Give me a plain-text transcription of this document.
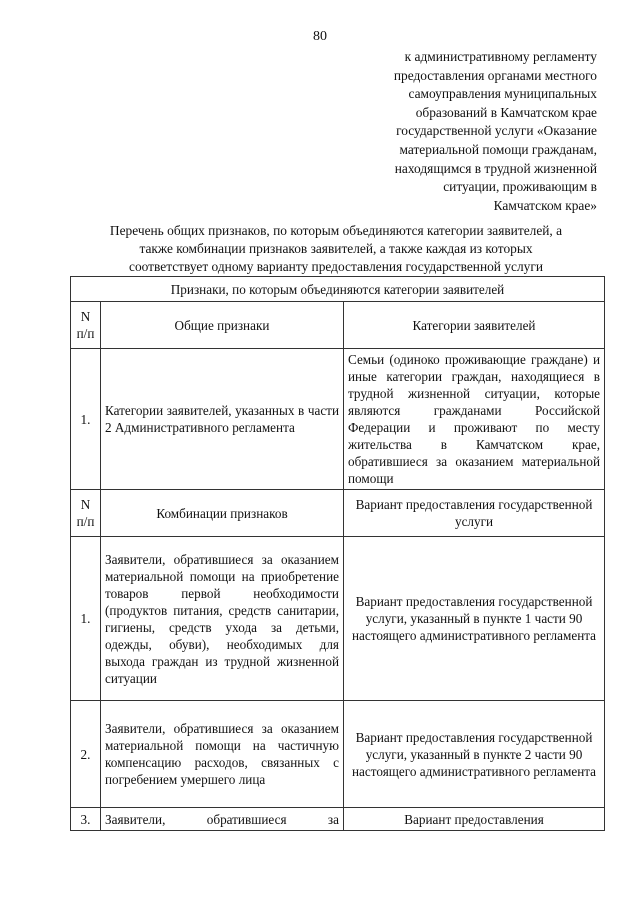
80
к административному регламенту
предоставления органами местного
самоуправления муниципальных
образований в Камчатском крае
государственной услуги «Оказание
материальной помощи гражданам,
находящимся в трудной жизненной
ситуации, проживающим в
Камчатском крае»
Перечень общих признаков, по которым объединяются категории заявителей, а
также комбинации признаков заявителей, а также каждая из которых
соответствует одному варианту предоставления государственной услуги
Признаки, по которым объединяются категории заявителей		
N п/п	Общие признаки	Категории заявителей
1.	Категории заявителей, указанных в части 2 Административного регламента	Семьи (одиноко проживающие граждане) и иные категории граждан, находящиеся в трудной жизненной ситуации, которые являются гражданами Российской Федерации и проживают по месту жительства в Камчатском крае, обратившиеся за оказанием материальной помощи
N п/п	Комбинации признаков	Вариант предоставления государственной услуги
1.	Заявители, обратившиеся за оказанием материальной помощи на приобретение товаров первой необходимости (продуктов питания, средств санитарии, гигиены, средств ухода за детьми, одежды, обуви), необходимых для выхода граждан из трудной жизненной ситуации	Вариант предоставления государственной услуги, указанный в пункте 1 части 90 настоящего административного регламента
2.	Заявители, обратившиеся за оказанием материальной помощи на частичную компенсацию расходов, связанных с погребением умершего лица	Вариант предоставления государственной услуги, указанный в пункте 2 части 90 настоящего административного регламента
3.	Заявители, обратившиеся за	Вариант предоставления
